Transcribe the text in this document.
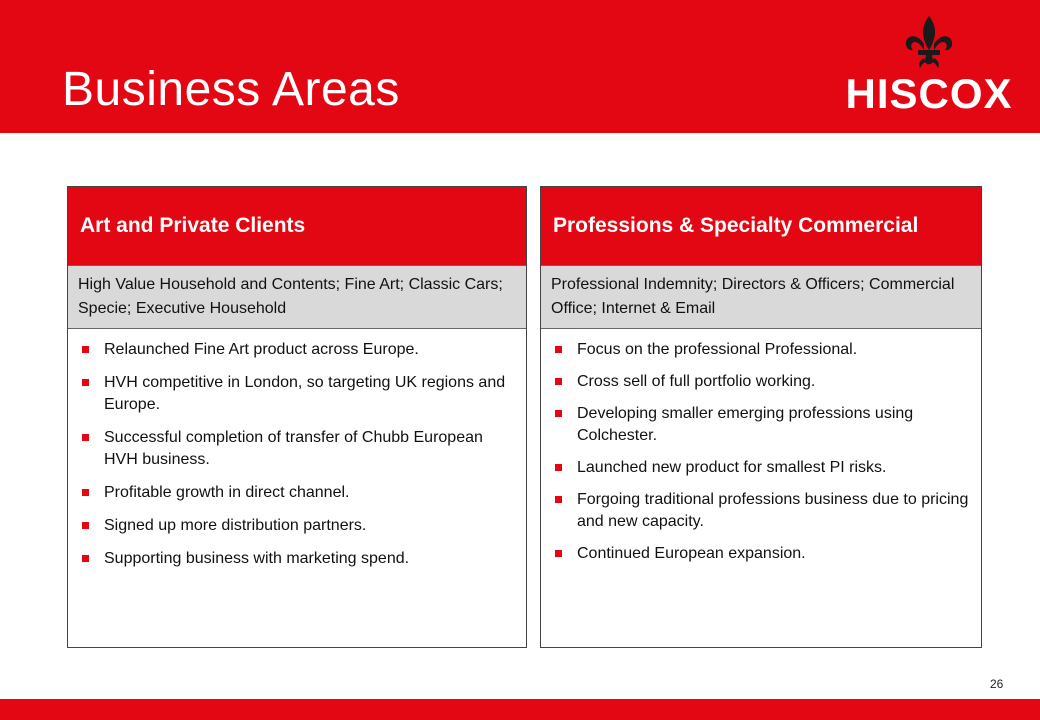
Business Areas	HISCOX
Art and Private Clients
High Value Household and Contents; Fine Art; Classic Cars; Specie; Executive Household
Relaunched Fine Art product across Europe.
HVH competitive in London, so targeting UK regions and Europe.
Successful completion of transfer of Chubb European HVH business.
Profitable growth in direct channel.
Signed up more distribution partners.
Supporting business with marketing spend.
Professions & Specialty Commercial
Professional Indemnity; Directors & Officers; Commercial Office; Internet & Email
Focus on the professional Professional.
Cross sell of full portfolio working.
Developing smaller emerging professions using Colchester.
Launched new product for smallest PI risks.
Forgoing traditional professions business due to pricing and new capacity.
Continued European expansion.
26
